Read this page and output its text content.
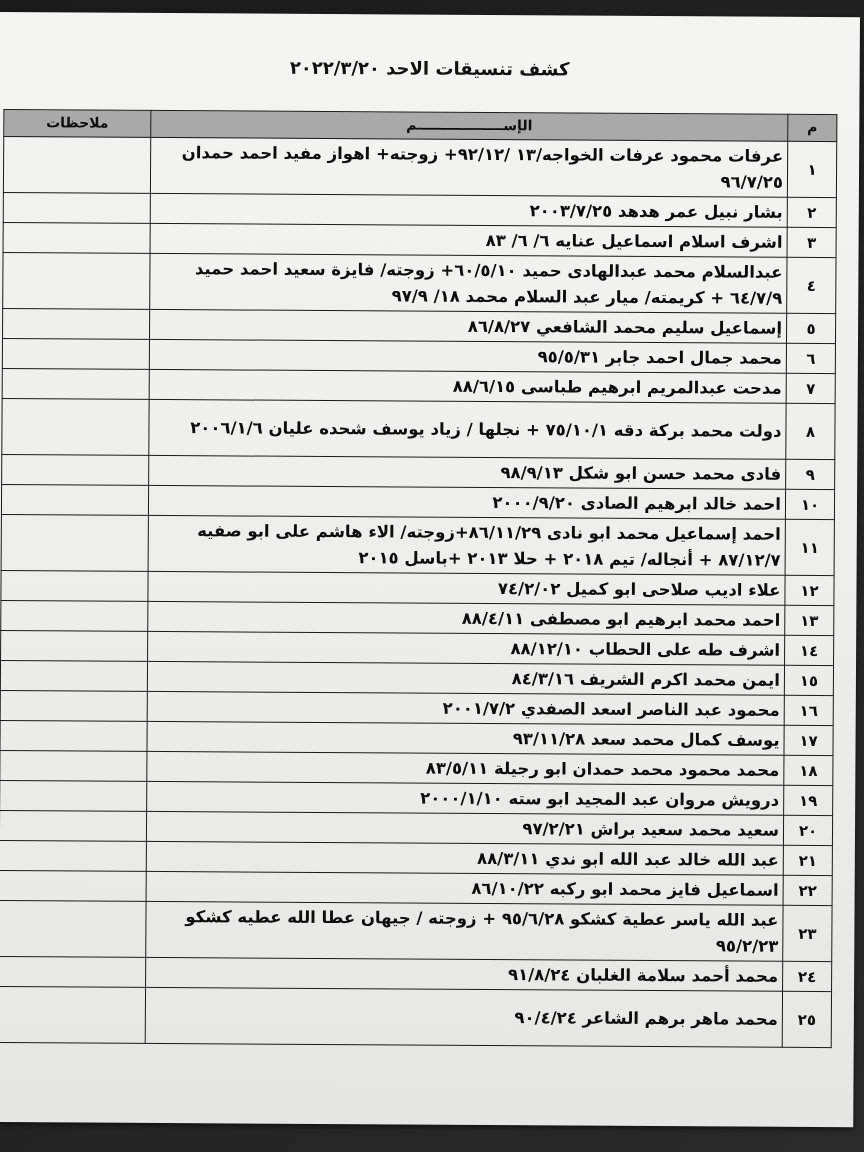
كشف تنسيقات الاحد ٢٠٢٢/٣/٢٠
م	الإســــــــــــــــــم	ملاحظات
١	عرفات محمود عرفات الخواجه/١٣ /٩٢/١٢+ زوجته+ اهواز مفيد احمد حمدان ٩٦/٧/٢٥	
٢	بشار نبيل عمر هدهد ٢٠٠٣/٧/٢٥	
٣	اشرف اسلام اسماعيل عنايه ٦/ ٦/ ٨٣	
٤	عبدالسلام محمد عبدالهادى حميد ٦٠/٥/١٠+ زوجته/ فايزة سعيد احمد حميد ٦٤/٧/٩ + كريمته/ ميار عبد السلام محمد ١٨/ ٩٧/٩	
٥	إسماعيل سليم محمد الشافعي ٨٦/٨/٢٧	
٦	محمد جمال احمد جابر ٩٥/٥/٣١	
٧	مدحت عبدالمريم ابرهيم طباسى ٨٨/٦/١٥	
٨	دولت محمد بركة دقه ٧٥/١٠/١ + نجلها / زياد يوسف شحده عليان ٢٠٠٦/١/٦	
٩	فادى محمد حسن ابو شكل ٩٨/٩/١٣	
١٠	احمد خالد ابرهيم الصادى ٢٠٠٠/٩/٢٠	
١١	احمد إسماعيل محمد ابو نادى ٨٦/١١/٢٩+زوجته/ الاء هاشم على ابو صفيه ٨٧/١٢/٧ + أنجاله/ تيم ٢٠١٨ + حلا ٢٠١٣ +باسل ٢٠١٥	
١٢	علاء اديب صلاحى ابو كميل ٧٤/٢/٠٢	
١٣	احمد محمد ابرهيم ابو مصطفى ٨٨/٤/١١	
١٤	اشرف طه على الحطاب ٨٨/١٢/١٠	
١٥	ايمن محمد اكرم الشريف ٨٤/٣/١٦	
١٦	محمود عبد الناصر اسعد الصفدي ٢٠٠١/٧/٢	
١٧	يوسف كمال محمد سعد ٩٣/١١/٢٨	
١٨	محمد محمود محمد حمدان ابو رجيلة ٨٣/٥/١١	
١٩	درويش مروان عبد المجيد ابو سته ٢٠٠٠/١/١٠	
٢٠	سعيد محمد سعيد براش ٩٧/٢/٢١	
٢١	عبد الله خالد عبد الله ابو ندي ٨٨/٣/١١	
٢٢	اسماعيل فايز محمد ابو ركبه ٨٦/١٠/٢٢	
٢٣	عبد الله ياسر عطية كشكو ٩٥/٦/٢٨ + زوجته / جيهان عطا الله عطيه كشكو ٩٥/٢/٢٣	
٢٤	محمد أحمد سلامة الغلبان ٩١/٨/٢٤	
٢٥	محمد ماهر برهم الشاعر ٩٠/٤/٢٤	
